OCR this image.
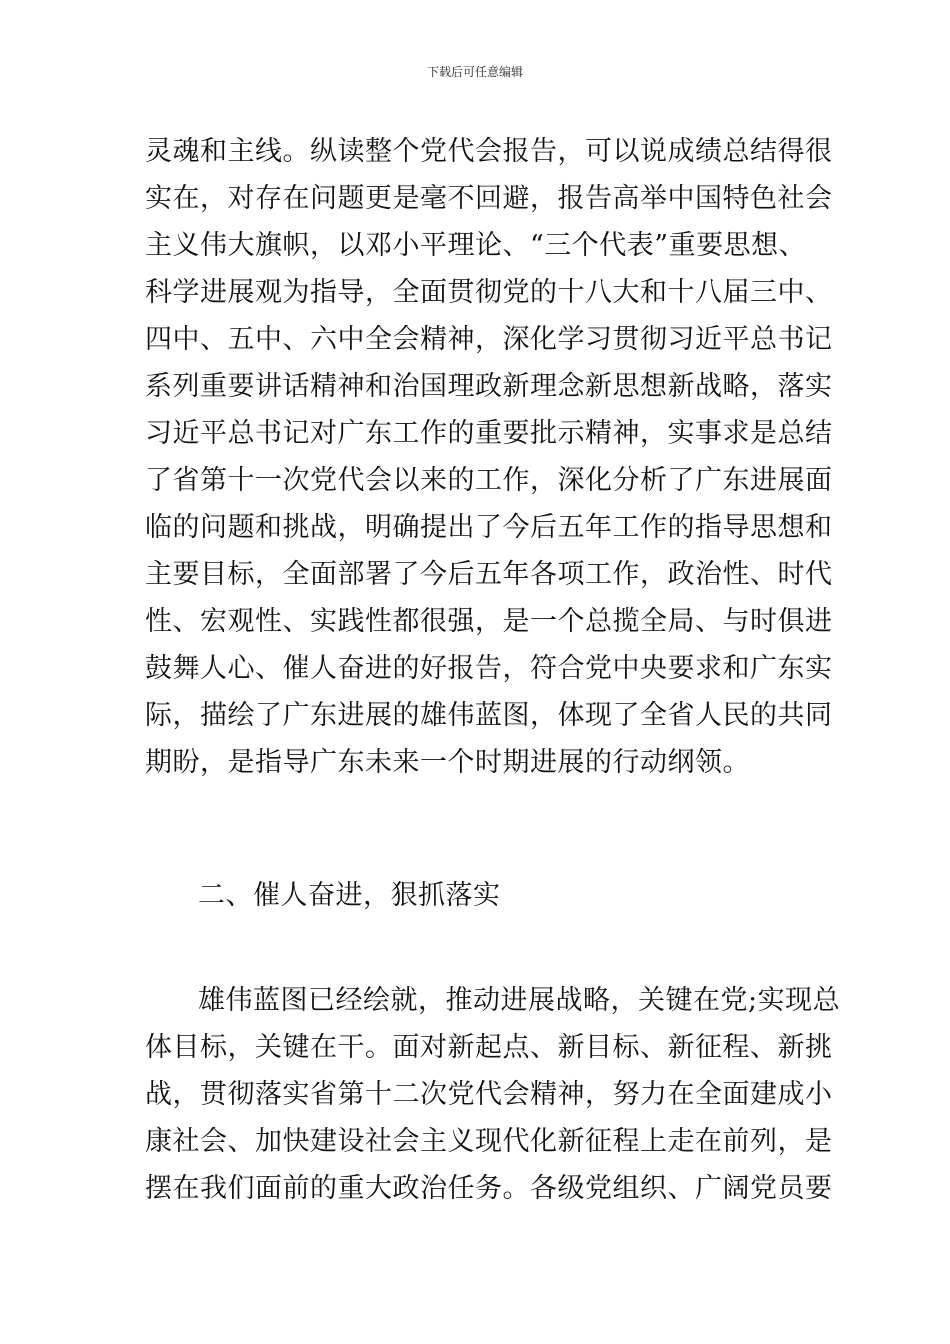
下载后可任意编辑
灵魂和主线。纵读整个党代会报告，可以说成绩总结得很
实在，对存在问题更是毫不回避，报告高举中国特色社会
主义伟大旗帜，以邓小平理论、“三个代表”重要思想、
科学进展观为指导，全面贯彻党的十八大和十八届三中、
四中、五中、六中全会精神，深化学习贯彻习近平总书记
系列重要讲话精神和治国理政新理念新思想新战略，落实
习近平总书记对广东工作的重要批示精神，实事求是总结
了省第十一次党代会以来的工作，深化分析了广东进展面
临的问题和挑战，明确提出了今后五年工作的指导思想和
主要目标，全面部署了今后五年各项工作，政治性、时代
性、宏观性、实践性都很强，是一个总揽全局、与时俱进
鼓舞人心、催人奋进的好报告，符合党中央要求和广东实
际，描绘了广东进展的雄伟蓝图，体现了全省人民的共同
期盼，是指导广东未来一个时期进展的行动纲领。
二、催人奋进，狠抓落实
雄伟蓝图已经绘就，推动进展战略，关键在党;实现总
体目标，关键在干。面对新起点、新目标、新征程、新挑
战，贯彻落实省第十二次党代会精神，努力在全面建成小
康社会、加快建设社会主义现代化新征程上走在前列，是
摆在我们面前的重大政治任务。各级党组织、广阔党员要
